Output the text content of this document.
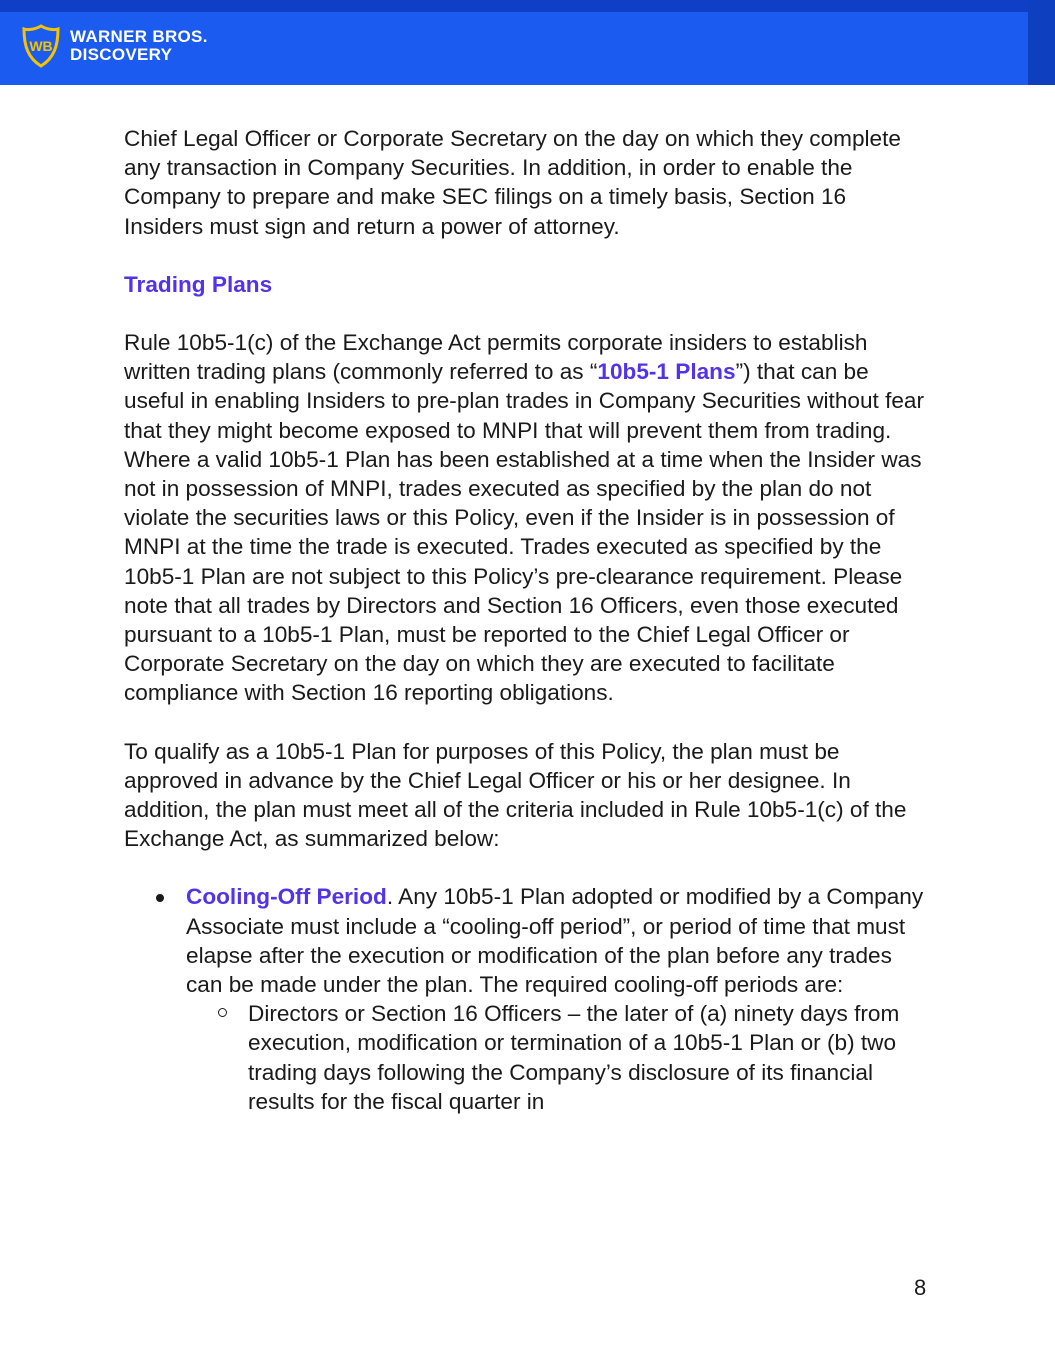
WB WARNER BROS.
DISCOVERY

Chief Legal Officer or Corporate Secretary on the day on which they complete any transaction in Company Securities. In addition, in order to enable the Company to prepare and make SEC filings on a timely basis, Section 16 Insiders must sign and return a power of attorney.

Trading Plans

Rule 10b5-1(c) of the Exchange Act permits corporate insiders to establish written trading plans (commonly referred to as “10b5-1 Plans”) that can be useful in enabling Insiders to pre-plan trades in Company Securities without fear that they might become exposed to MNPI that will prevent them from trading. Where a valid 10b5-1 Plan has been established at a time when the Insider was not in possession of MNPI, trades executed as specified by the plan do not violate the securities laws or this Policy, even if the Insider is in possession of MNPI at the time the trade is executed. Trades executed as specified by the 10b5-1 Plan are not subject to this Policy’s pre-clearance requirement. Please note that all trades by Directors and Section 16 Officers, even those executed pursuant to a 10b5-1 Plan, must be reported to the Chief Legal Officer or Corporate Secretary on the day on which they are executed to facilitate compliance with Section 16 reporting obligations.

To qualify as a 10b5-1 Plan for purposes of this Policy, the plan must be approved in advance by the Chief Legal Officer or his or her designee. In addition, the plan must meet all of the criteria included in Rule 10b5-1(c) of the Exchange Act, as summarized below:

Cooling-Off Period. Any 10b5-1 Plan adopted or modified by a Company Associate must include a “cooling-off period”, or period of time that must elapse after the execution or modification of the plan before any trades can be made under the plan. The required cooling-off periods are:
Directors or Section 16 Officers – the later of (a) ninety days from execution, modification or termination of a 10b5-1 Plan or (b) two trading days following the Company’s disclosure of its financial results for the fiscal quarter in
8
